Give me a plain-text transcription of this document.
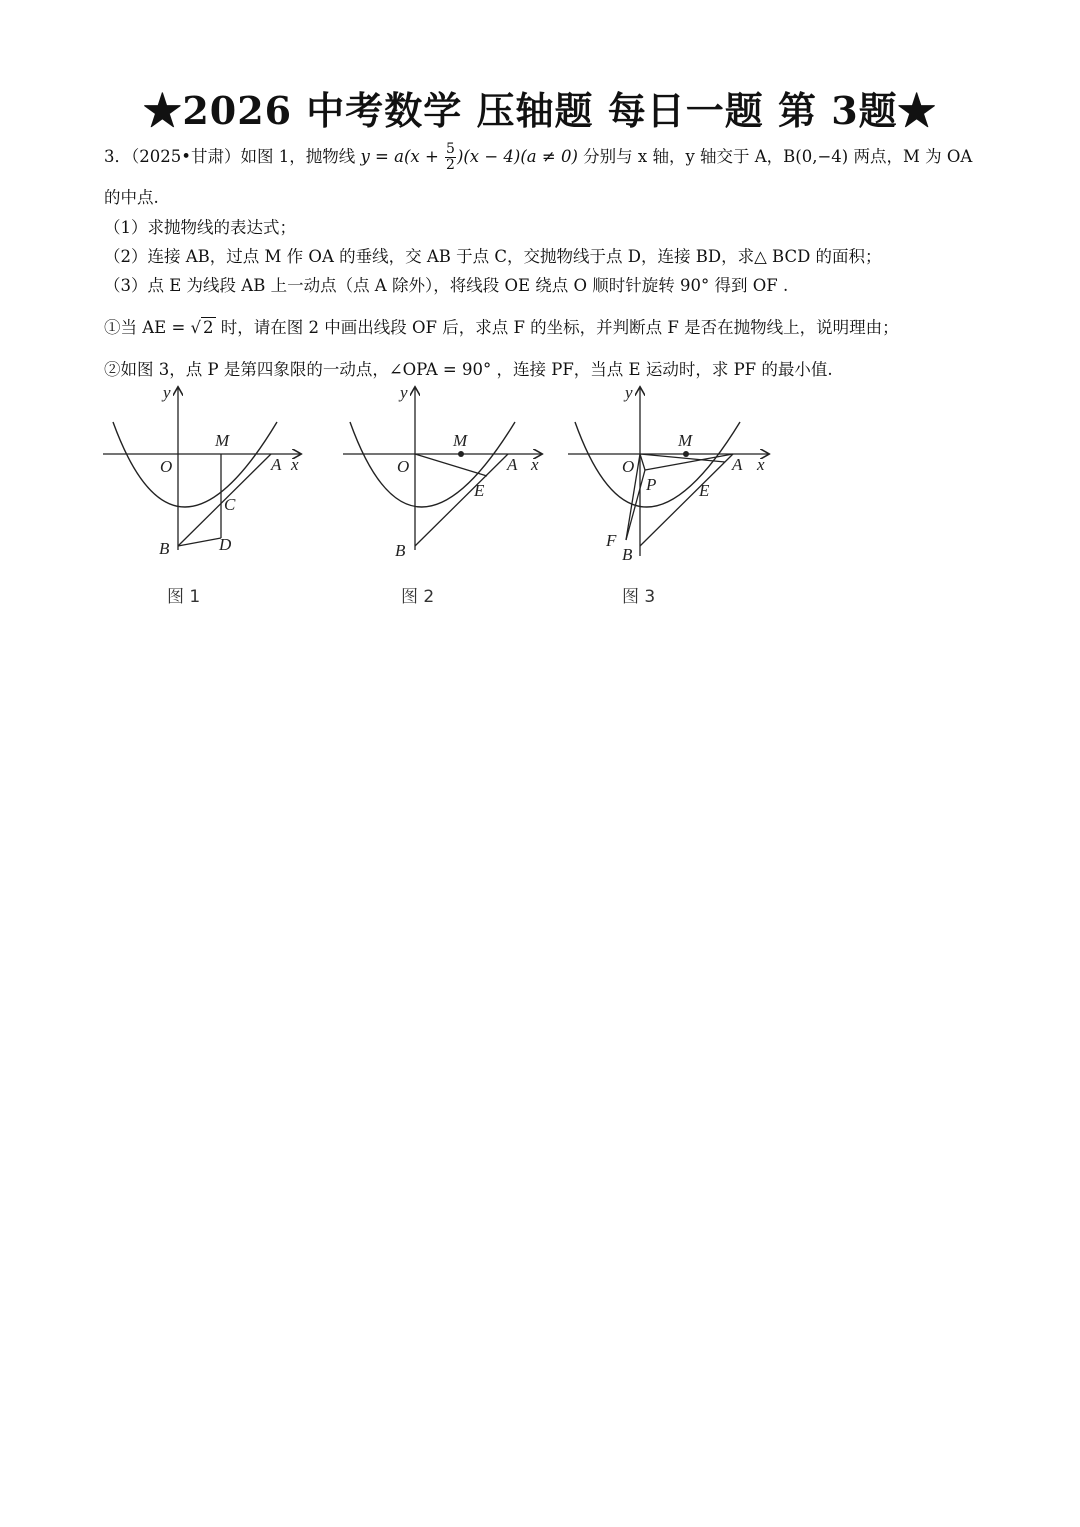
★2026 中考数学 压轴题 每日一题 第 3题★
3．（2025•甘肃）如图 1，抛物线 $y = a(x + \frac{5}{2} )(x - 4)(a \ne 0)$ 分别与 x 轴，y 轴交于 A，B(0,−4) 两点，M 为 OA
的中点.
（1）求抛物线的表达式；
（2）连接 AB，过点 M 作 OA 的垂线，交 AB 于点 C，交抛物线于点 D，连接 BD，求△ BCD 的面积；
（3）点 E 为线段 AB 上一动点（点 A 除外），将线段 OE 绕点 O 顺时针旋转 90° 得到 OF .
①当 AE = √ 2 时，请在图 2 中画出线段 OF 后，求点 F 的坐标，并判断点 F 是否在抛物线上，说明理由；
②如图 3，点 P 是第四象限的一动点，∠OPA = 90° ，连接 PF，当点 E 运动时，求 PF 的最小值.
y
x
O	A
B
M
C
D
图 1
y
x
O	A
B
M
E
图 2
y
x
O	A
B
M
E
P
F
图 3
